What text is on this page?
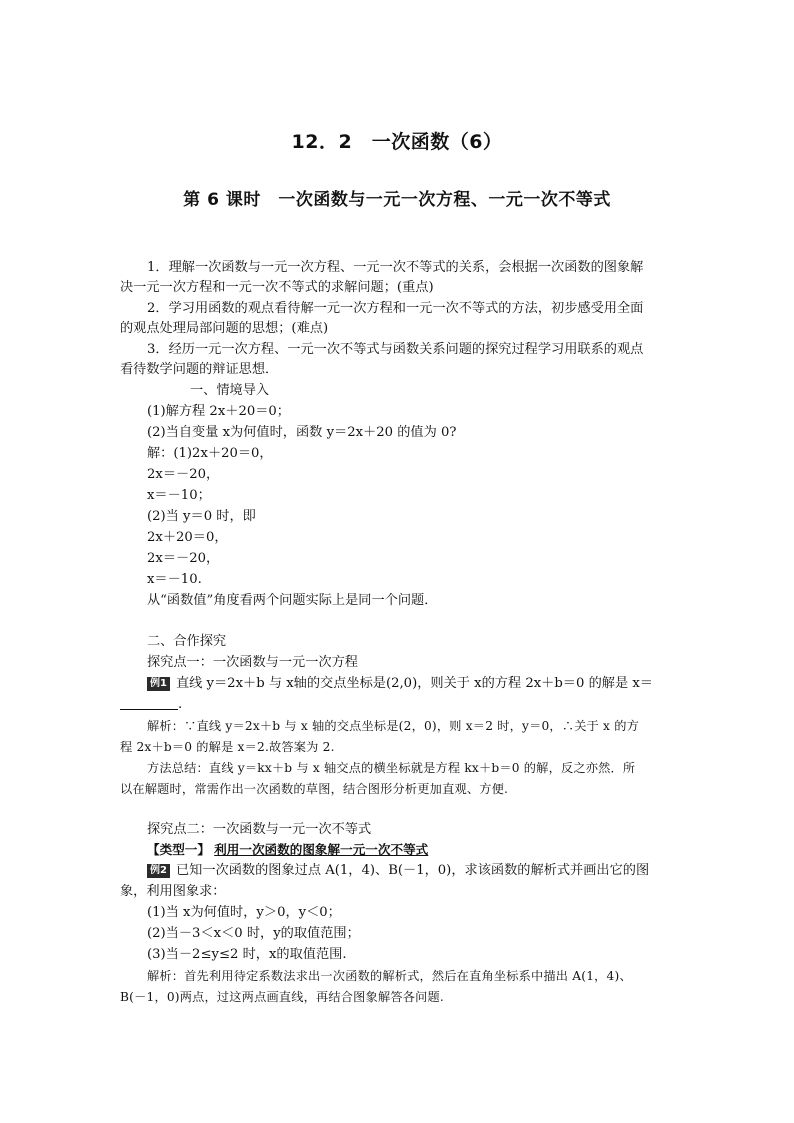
12．2　一次函数（6）
第 6 课时　一次函数与一元一次方程、一元一次不等式
1．理解一次函数与一元一次方程、一元一次不等式的关系，会根据一次函数的图象解
决一元一次方程和一元一次不等式的求解问题；(重点)
2．学习用函数的观点看待解一元一次方程和一元一次不等式的方法，初步感受用全面
的观点处理局部问题的思想；(难点)
3．经历一元一次方程、一元一次不等式与函数关系问题的探究过程学习用联系的观点
看待数学问题的辩证思想．
一、情境导入
(1)解方程 2x＋20＝0；
(2)当自变量 x为何值时，函数 y＝2x＋20 的值为 0?
解：(1)2x＋20＝0，
2x＝－20，
x＝－10；
(2)当 y＝0 时，即
2x＋20＝0，
2x＝－20，
x＝－10.
从“函数值”角度看两个问题实际上是同一个问题．
二、合作探究
探究点一：一次函数与一元一次方程
例1 直线 y＝2x＋b 与 x轴的交点坐标是(2,0)，则关于 x的方程 2x＋b＝0 的解是 x＝
.
解析：∵直线 y＝2x＋b 与 x 轴的交点坐标是(2，0)，则 x＝2 时，y＝0，∴关于 x 的方
程 2x＋b＝0 的解是 x＝2.故答案为 2.
方法总结：直线 y＝kx＋b 与 x 轴交点的横坐标就是方程 kx＋b＝0 的解，反之亦然．所
以在解题时，常需作出一次函数的草图，结合图形分析更加直观、方便.
探究点二：一次函数与一元一次不等式
【类型一】 利用一次函数的图象解一元一次不等式
例2 已知一次函数的图象过点 A(1，4)、B(－1，0)，求该函数的解析式并画出它的图
象，利用图象求：
(1)当 x为何值时，y＞0，y＜0；
(2)当－3＜x＜0 时，y的取值范围；
(3)当－2≤y≤2 时，x的取值范围.
解析：首先利用待定系数法求出一次函数的解析式，然后在直角坐标系中描出 A(1，4)、
B(－1，0)两点，过这两点画直线，再结合图象解答各问题.
